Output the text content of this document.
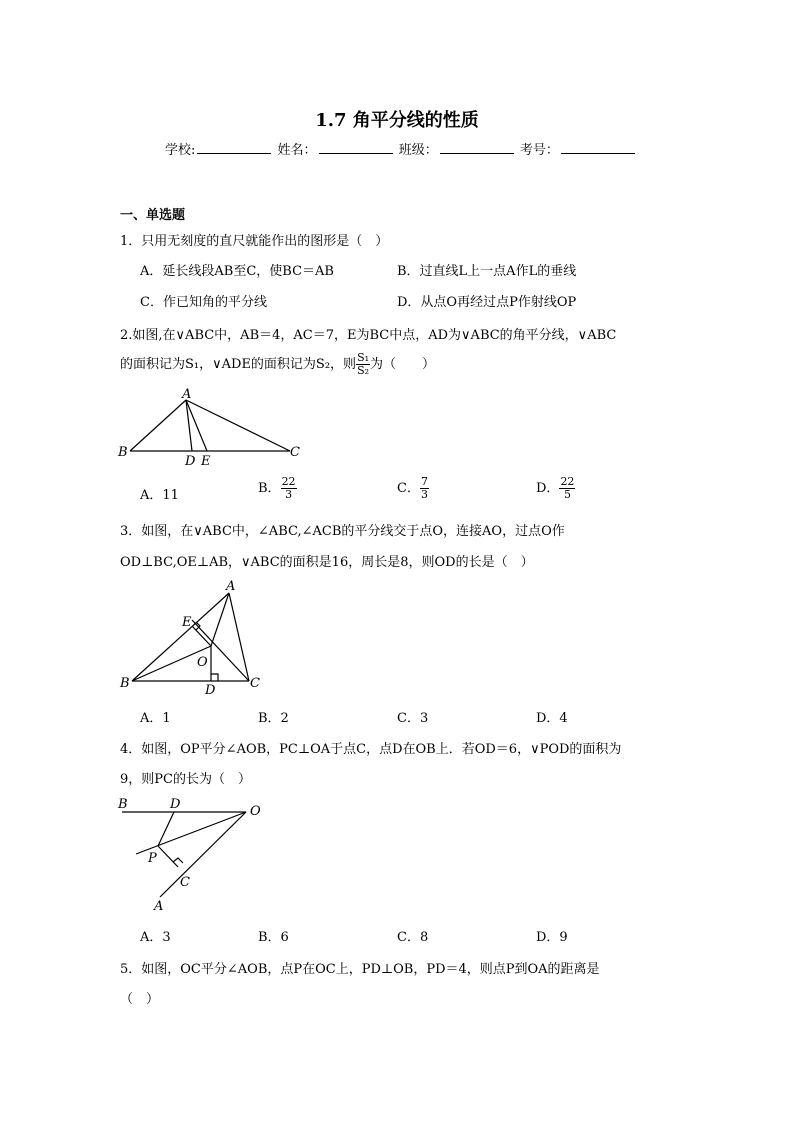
1.7 角平分线的性质
学校:	姓名：	班级：	考号：
一、单选题
1．只用无刻度的直尺就能作出的图形是（　）
A．延长线段AB至C，使BC＝AB	B．过直线L上一点A作L的垂线
C．作已知角的平分线	D．从点O再经过点P作射线OP
2.如图,在∨ABC中，AB＝4，AC＝7，E为BC中点，AD为∨ABC的角平分线，∨ABC
的面积记为S₁，∨ADE的面积记为S₂，则 $\frac{\text{S₁}}{\text{S₂}}$ 为（　　）
A
B	C
D E
A．11	B． $\frac{22}{3}$	C． $\frac{7}{3}$	D． $\frac{22}{5}$
3．如图，在∨ABC中，∠ABC,∠ACB的平分线交于点O，连接AO，过点O作
OD⊥BC,OE⊥AB，∨ABC的面积是16，周长是8，则OD的长是（　）
A
B	C
D
E
O
A．1	B．2	C．3	D．4
4．如图，OP平分∠AOB，PC⊥OA于点C，点D在OB上．若OD＝6，∨POD的面积为
9，则PC的长为（　）
B	D	O
P
C
A
A．3	B．6	C．8	D．9
5．如图，OC平分∠AOB，点P在OC上，PD⊥OB，PD＝4，则点P到OA的距离是
（　）
